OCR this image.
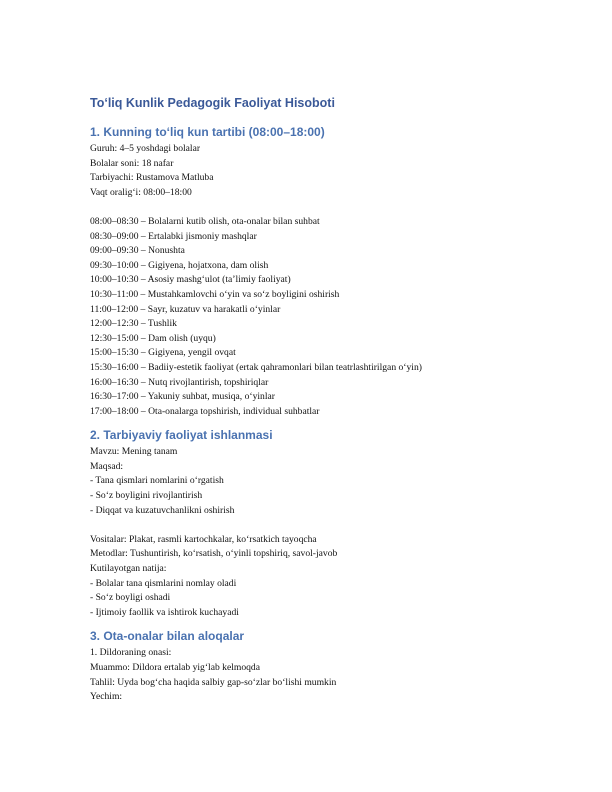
To‘liq Kunlik Pedagogik Faoliyat Hisoboti
1. Kunning to‘liq kun tartibi (08:00–18:00)
Guruh: 4–5 yoshdagi bolalar
Bolalar soni: 18 nafar
Tarbiyachi: Rustamova Matluba
Vaqt oralig‘i: 08:00–18:00
08:00–08:30 – Bolalarni kutib olish, ota-onalar bilan suhbat
08:30–09:00 – Ertalabki jismoniy mashqlar
09:00–09:30 – Nonushta
09:30–10:00 – Gigiyena, hojatxona, dam olish
10:00–10:30 – Asosiy mashg‘ulot (ta’limiy faoliyat)
10:30–11:00 – Mustahkamlovchi o‘yin va so‘z boyligini oshirish
11:00–12:00 – Sayr, kuzatuv va harakatli o‘yinlar
12:00–12:30 – Tushlik
12:30–15:00 – Dam olish (uyqu)
15:00–15:30 – Gigiyena, yengil ovqat
15:30–16:00 – Badiiy-estetik faoliyat (ertak qahramonlari bilan teatrlashtirilgan o‘yin)
16:00–16:30 – Nutq rivojlantirish, topshiriqlar
16:30–17:00 – Yakuniy suhbat, musiqa, o‘yinlar
17:00–18:00 – Ota-onalarga topshirish, individual suhbatlar
2. Tarbiyaviy faoliyat ishlanmasi
Mavzu: Mening tanam
Maqsad:
- Tana qismlari nomlarini o‘rgatish
- So‘z boyligini rivojlantirish
- Diqqat va kuzatuvchanlikni oshirish
Vositalar: Plakat, rasmli kartochkalar, ko‘rsatkich tayoqcha
Metodlar: Tushuntirish, ko‘rsatish, o‘yinli topshiriq, savol-javob
Kutilayotgan natija:
- Bolalar tana qismlarini nomlay oladi
- So‘z boyligi oshadi
- Ijtimoiy faollik va ishtirok kuchayadi
3. Ota-onalar bilan aloqalar
1. Dildoraning onasi:
Muammo: Dildora ertalab yig‘lab kelmoqda
Tahlil: Uyda bog‘cha haqida salbiy gap-so‘zlar bo‘lishi mumkin
Yechim:
